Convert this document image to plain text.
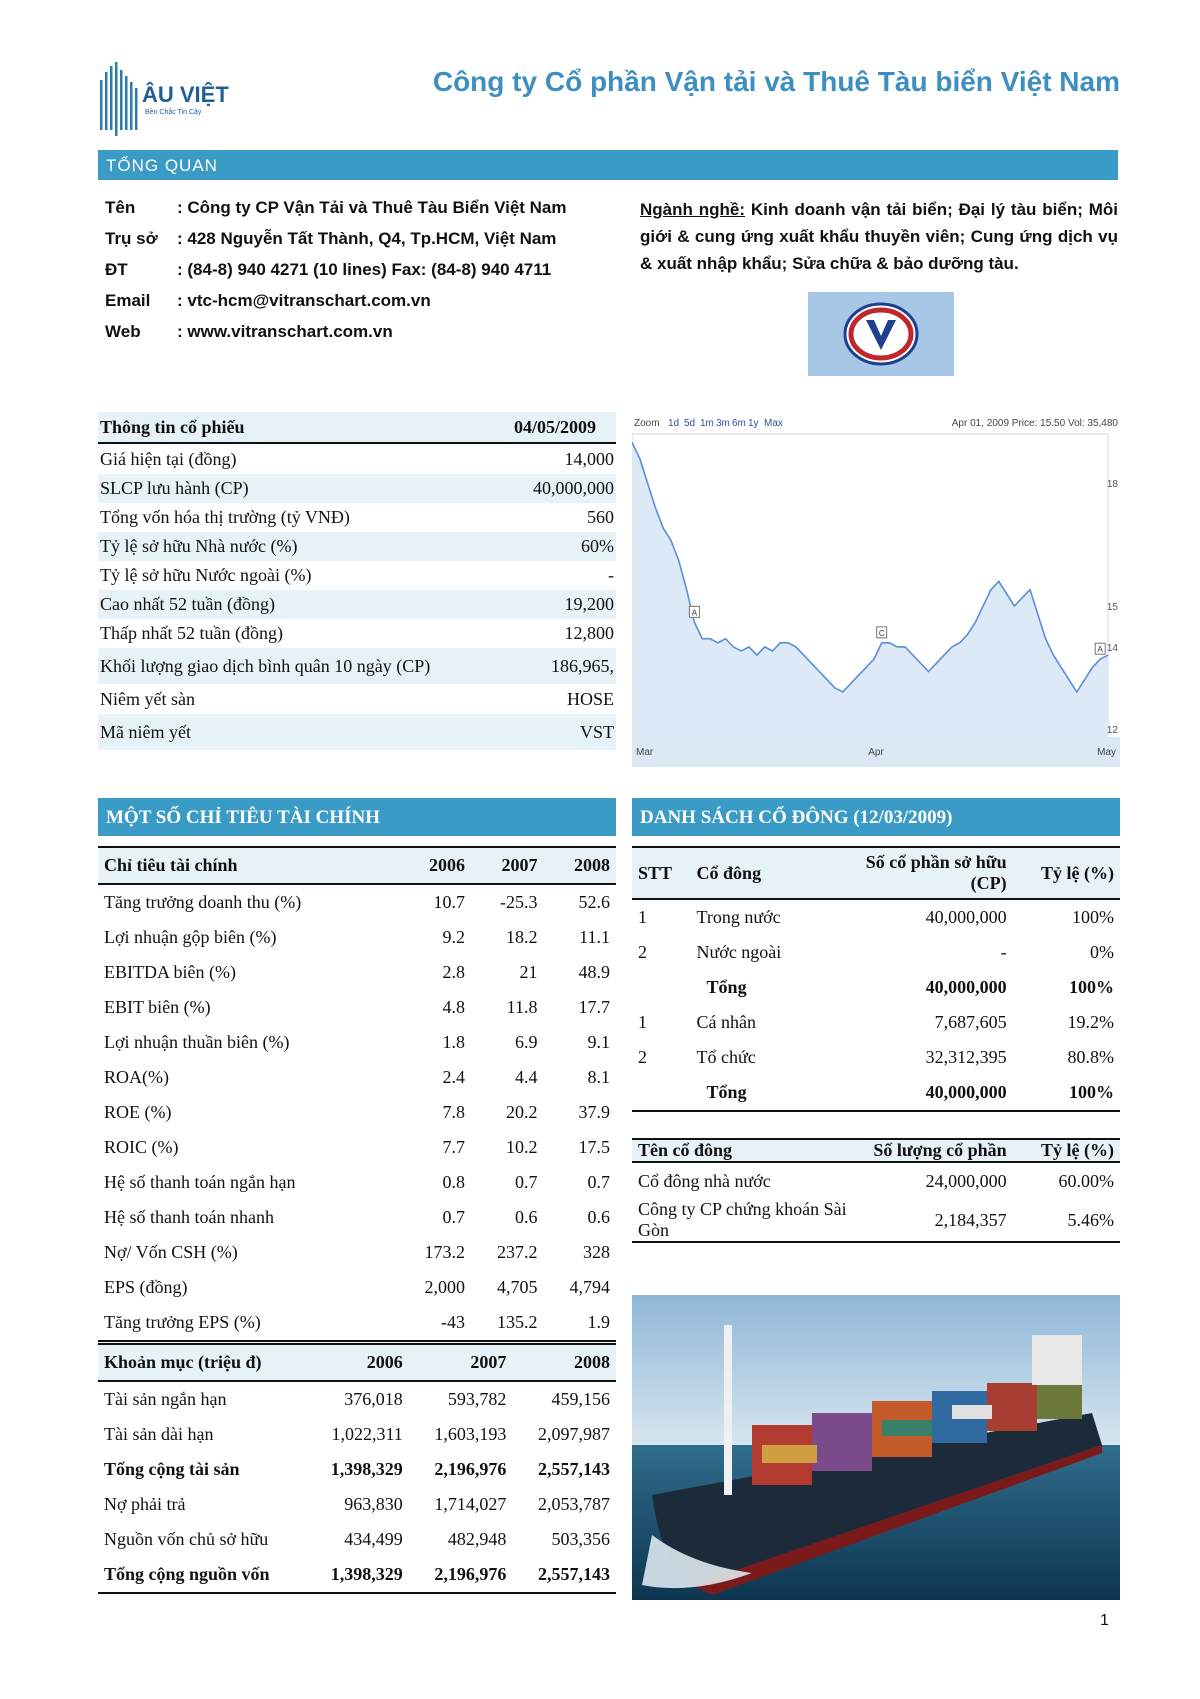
ÂU VIỆT
Bền Chắc Tin Cậy
Công ty Cổ phần Vận tải và Thuê Tàu biển Việt Nam
TỔNG QUAN
Tên	: Công ty CP Vận Tải và Thuê Tàu Biển Việt Nam
Trụ sở	: 428 Nguyễn Tất Thành, Q4, Tp.HCM, Việt Nam
ĐT	: (84-8) 940 4271 (10 lines) Fax: (84-8) 940 4711
Email	: vtc-hcm@vitranschart.com.vn
Web	: www.vitranschart.com.vn
Ngành nghề: Kinh doanh vận tải biển; Đại lý tàu biển; Môi giới & cung ứng xuất khẩu thuyền viên; Cung ứng dịch vụ & xuất nhập khẩu; Sửa chữa & bảo dưỡng tàu.
Thông tin cổ phiếu	04/05/2009
Giá hiện tại (đồng)	14,000
SLCP lưu hành (CP)	40,000,000
Tổng vốn hóa thị trường (tỷ VNĐ)	560
Tỷ lệ sở hữu Nhà nước (%)	60%
Tỷ lệ sở hữu Nước ngoài (%)	-
Cao nhất 52 tuần (đồng)	19,200
Thấp nhất 52 tuần (đồng)	12,800
Khối lượng giao dịch bình quân 10 ngày (CP)	186,965,
Niêm yết sàn	HOSE
Mã niêm yết	VST
Zoom 1d 5d 1m 3m 6m 1y Max	Apr 01, 2009 Price: 15.50 Vol: 35,480
12
14
15
18
A
C
A
Mar	Apr	May
MỘT SỐ CHỈ TIÊU TÀI CHÍNH
Chỉ tiêu tài chính	2006	2007	2008
Tăng trưởng doanh thu (%)	10.7	-25.3	52.6
Lợi nhuận gộp biên (%)	9.2	18.2	11.1
EBITDA biên (%)	2.8	21	48.9
EBIT biên (%)	4.8	11.8	17.7
Lợi nhuận thuần biên (%)	1.8	6.9	9.1
ROA(%)	2.4	4.4	8.1
ROE (%)	7.8	20.2	37.9
ROIC (%)	7.7	10.2	17.5
Hệ số thanh toán ngắn hạn	0.8	0.7	0.7
Hệ số thanh toán nhanh	0.7	0.6	0.6
Nợ/ Vốn CSH (%)	173.2	237.2	328
EPS (đồng)	2,000	4,705	4,794
Tăng trưởng EPS (%)	-43	135.2	1.9
Khoản mục (triệu đ)	2006	2007	2008
Tài sản ngắn hạn	376,018	593,782	459,156
Tài sản dài hạn	1,022,311	1,603,193	2,097,987
Tổng cộng tài sản	1,398,329	2,196,976	2,557,143
Nợ phải trả	963,830	1,714,027	2,053,787
Nguồn vốn chủ sở hữu	434,499	482,948	503,356
Tổng cộng nguồn vốn	1,398,329	2,196,976	2,557,143
DANH SÁCH CỔ ĐÔNG (12/03/2009)
STT	Cổ đông	Số cổ phần sở hữu (CP)	Tỷ lệ (%)
1	Trong nước	40,000,000	100%
2	Nước ngoài	-	0%
	Tổng	40,000,000	100%
1	Cá nhân	7,687,605	19.2%
2	Tổ chức	32,312,395	80.8%
	Tổng	40,000,000	100%
Tên cổ đông	Số lượng cổ phần	Tỷ lệ (%)
Cổ đông nhà nước	24,000,000	60.00%
Công ty CP chứng khoán Sài Gòn	2,184,357	5.46%
1
